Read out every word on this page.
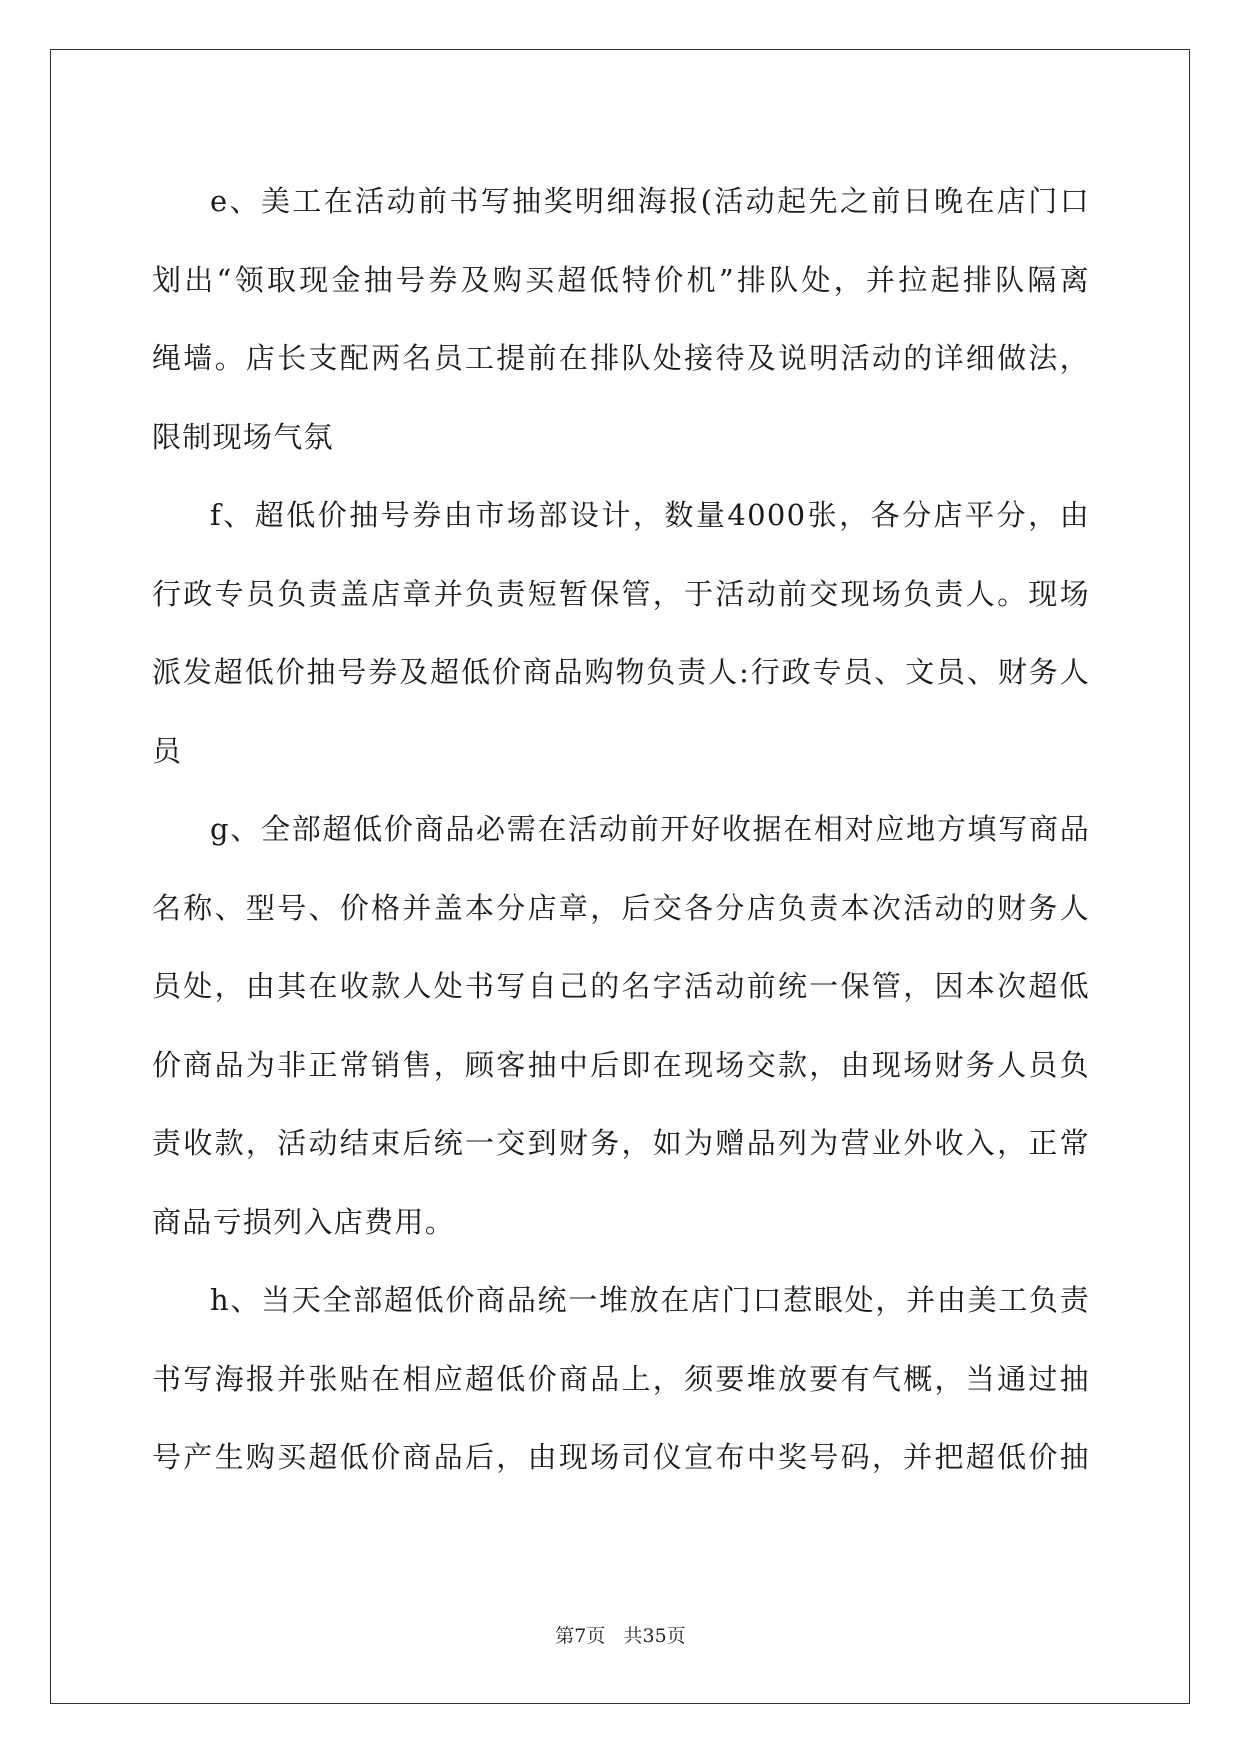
e、美工在活动前书写抽奖明细海报(活动起先之前日晚在店门口
划出“领取现金抽号券及购买超低特价机”排队处，并拉起排队隔离
绳墙。店长支配两名员工提前在排队处接待及说明活动的详细做法，
限制现场气氛

f、超低价抽号券由市场部设计，数量4000张，各分店平分，由
行政专员负责盖店章并负责短暂保管，于活动前交现场负责人。现场
派发超低价抽号券及超低价商品购物负责人:行政专员、文员、财务人
员

g、全部超低价商品必需在活动前开好收据在相对应地方填写商品
名称、型号、价格并盖本分店章，后交各分店负责本次活动的财务人
员处，由其在收款人处书写自己的名字活动前统一保管，因本次超低
价商品为非正常销售，顾客抽中后即在现场交款，由现场财务人员负
责收款，活动结束后统一交到财务，如为赠品列为营业外收入，正常
商品亏损列入店费用。

h、当天全部超低价商品统一堆放在店门口惹眼处，并由美工负责
书写海报并张贴在相应超低价商品上，须要堆放要有气概，当通过抽
号产生购买超低价商品后，由现场司仪宣布中奖号码，并把超低价抽

第7页   共35页
